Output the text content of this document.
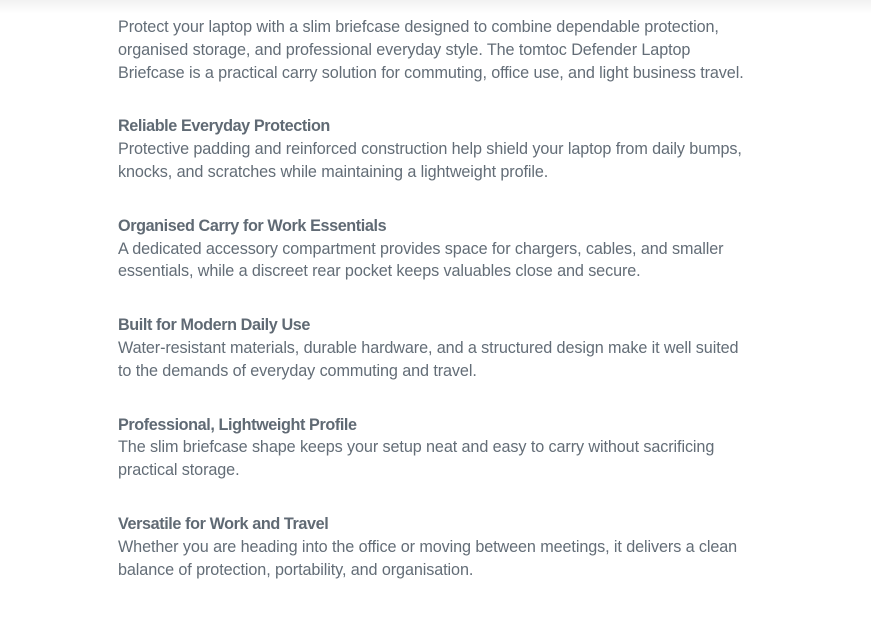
Protect your laptop with a slim briefcase designed to combine dependable protection, organised storage, and professional everyday style. The tomtoc Defender Laptop Briefcase is a practical carry solution for commuting, office use, and light business travel.

Reliable Everyday Protection
Protective padding and reinforced construction help shield your laptop from daily bumps, knocks, and scratches while maintaining a lightweight profile.
Organised Carry for Work Essentials
A dedicated accessory compartment provides space for chargers, cables, and smaller essentials, while a discreet rear pocket keeps valuables close and secure.
Built for Modern Daily Use
Water-resistant materials, durable hardware, and a structured design make it well suited to the demands of everyday commuting and travel.
Professional, Lightweight Profile
The slim briefcase shape keeps your setup neat and easy to carry without sacrificing practical storage.
Versatile for Work and Travel
Whether you are heading into the office or moving between meetings, it delivers a clean balance of protection, portability, and organisation.
